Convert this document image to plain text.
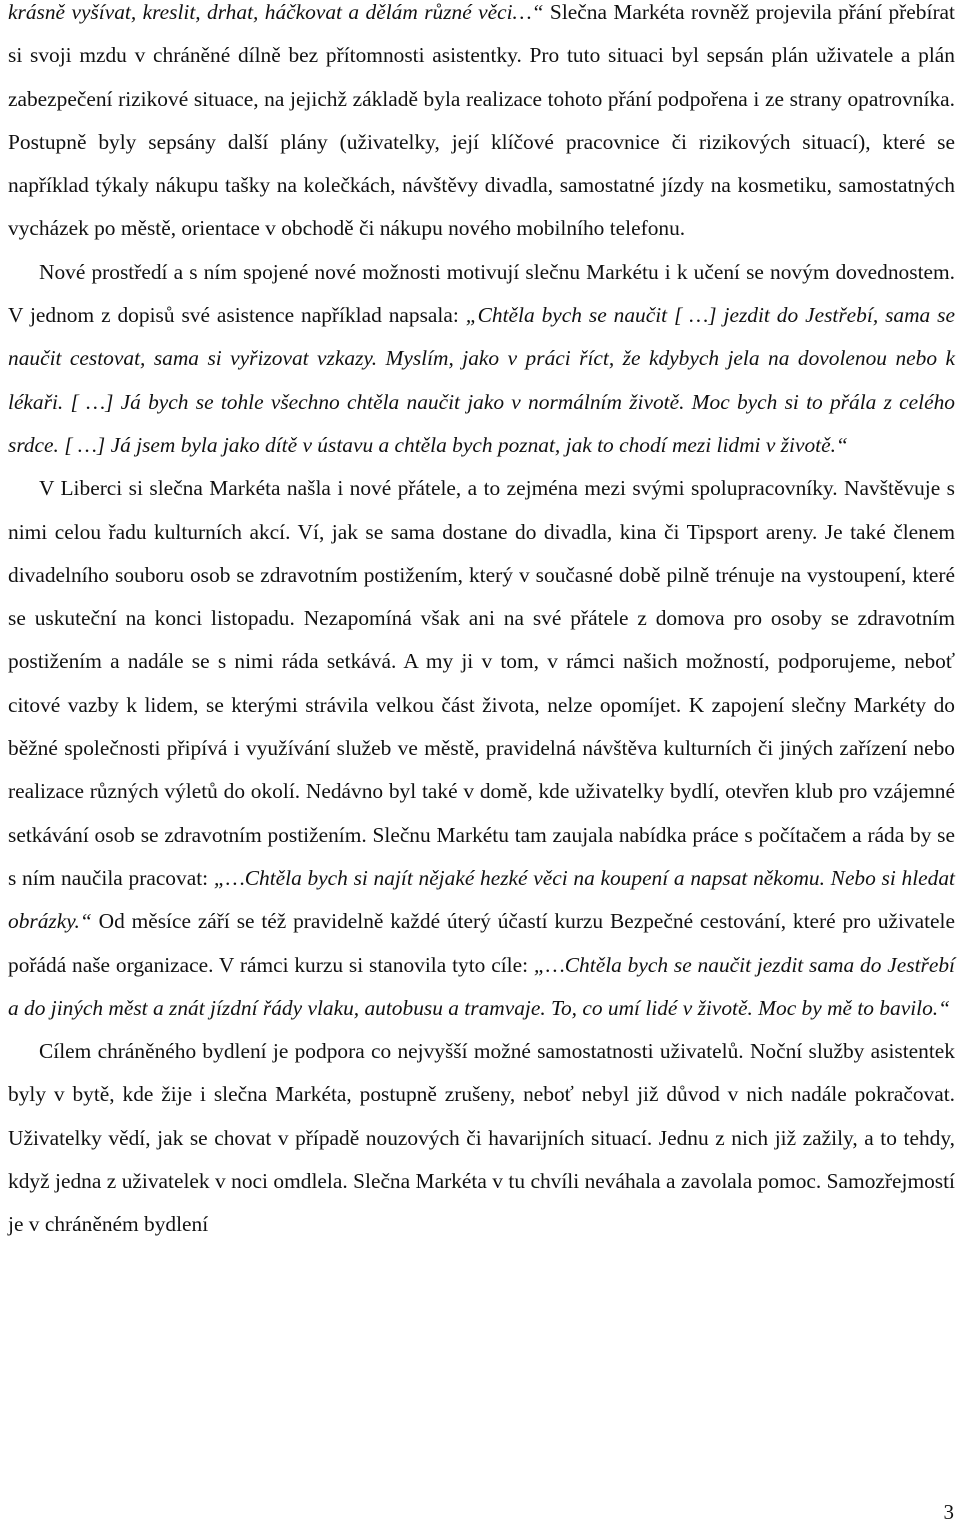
krásně vyšívat, kreslit, drhat, háčkovat a dělám různé věci…“ Slečna Markéta rovněž projevila přání přebírat si svoji mzdu v chráněné dílně bez přítomnosti asistentky. Pro tuto situaci byl sepsán plán uživatele a plán zabezpečení rizikové situace, na jejichž základě byla realizace tohoto přání podpořena i ze strany opatrovníka. Postupně byly sepsány další plány (uživatelky, její klíčové pracovnice či rizikových situací), které se například týkaly nákupu tašky na kolečkách, návštěvy divadla, samostatné jízdy na kosmetiku, samostatných vycházek po městě, orientace v obchodě či nákupu nového mobilního telefonu.

Nové prostředí a s ním spojené nové možnosti motivují slečnu Markétu i k učení se novým dovednostem. V jednom z dopisů své asistence například napsala: „Chtěla bych se naučit [ …] jezdit do Jestřebí, sama se naučit cestovat, sama si vyřizovat vzkazy. Myslím, jako v práci říct, že kdybych jela na dovolenou nebo k lékaři. [ …] Já bych se tohle všechno chtěla naučit jako v normálním životě. Moc bych si to přála z celého srdce. [ …] Já jsem byla jako dítě v ústavu a chtěla bych poznat, jak to chodí mezi lidmi v životě.“

V Liberci si slečna Markéta našla i nové přátele, a to zejména mezi svými spolupracovníky. Navštěvuje s nimi celou řadu kulturních akcí. Ví, jak se sama dostane do divadla, kina či Tipsport areny. Je také členem divadelního souboru osob se zdravotním postižením, který v současné době pilně trénuje na vystoupení, které se uskuteční na konci listopadu. Nezapomíná však ani na své přátele z domova pro osoby se zdravotním postižením a nadále se s nimi ráda setkává. A my ji v tom, v rámci našich možností, podporujeme, neboť citové vazby k lidem, se kterými strávila velkou část života, nelze opomíjet. K zapojení slečny Markéty do běžné společnosti připívá i využívání služeb ve městě, pravidelná návštěva kulturních či jiných zařízení nebo realizace různých výletů do okolí. Nedávno byl také v domě, kde uživatelky bydlí, otevřen klub pro vzájemné setkávání osob se zdravotním postižením. Slečnu Markétu tam zaujala nabídka práce s počítačem a ráda by se s ním naučila pracovat: „…Chtěla bych si najít nějaké hezké věci na koupení a napsat někomu. Nebo si hledat obrázky.“ Od měsíce září se též pravidelně každé úterý účastí kurzu Bezpečné cestování, které pro uživatele pořádá naše organizace. V rámci kurzu si stanovila tyto cíle: „…Chtěla bych se naučit jezdit sama do Jestřebí a do jiných měst a znát jízdní řády vlaku, autobusu a tramvaje. To, co umí lidé v životě. Moc by mě to bavilo.“

Cílem chráněného bydlení je podpora co nejvyšší možné samostatnosti uživatelů. Noční služby asistentek byly v bytě, kde žije i slečna Markéta, postupně zrušeny, neboť nebyl již důvod v nich nadále pokračovat. Uživatelky vědí, jak se chovat v případě nouzových či havarijních situací. Jednu z nich již zažily, a to tehdy, když jedna z uživatelek v noci omdlela. Slečna Markéta v tu chvíli neváhala a zavolala pomoc. Samozřejmostí je v chráněném bydlení

3
